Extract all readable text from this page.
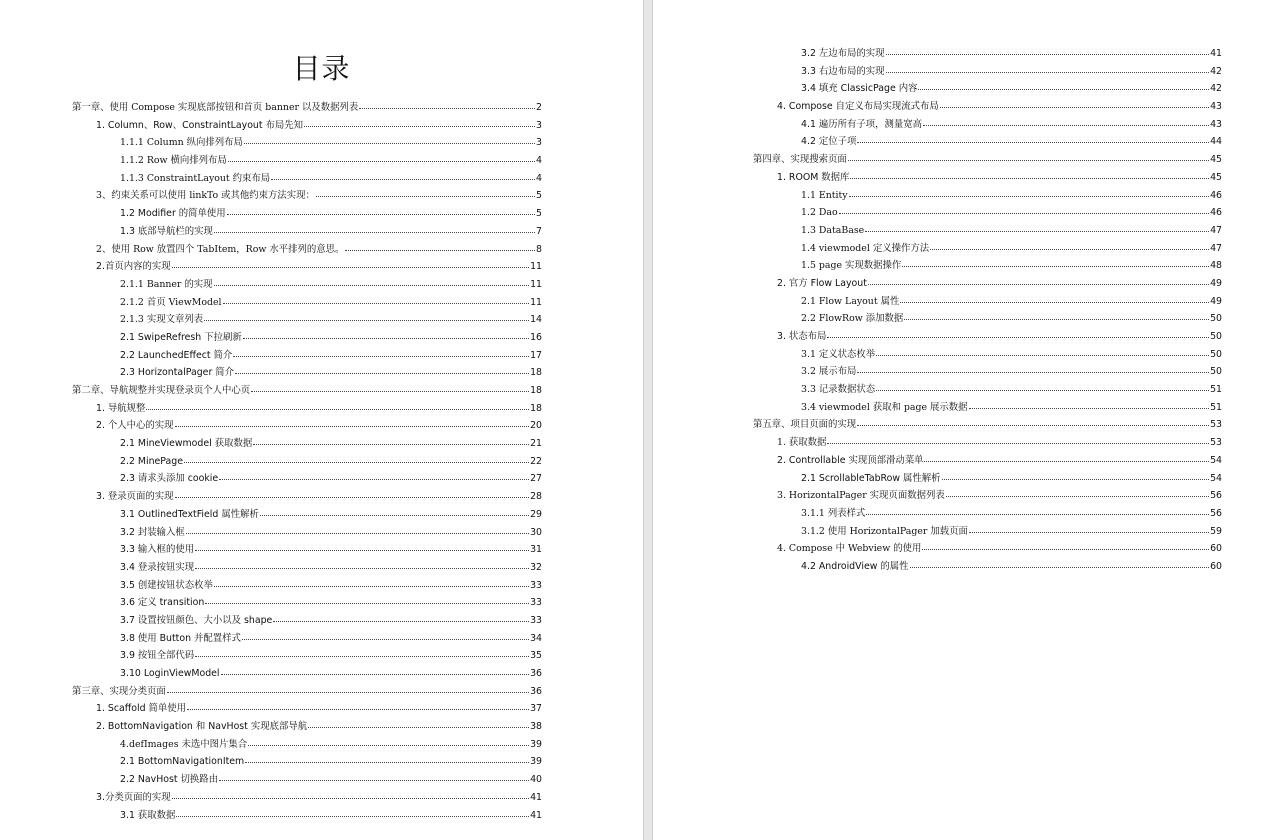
目录
第一章、使用 Compose 实现底部按钮和首页 banner 以及数据列表	2
1. Column、Row、ConstraintLayout 布局先知	3
1.1.1 Column 纵向排列布局	3
1.1.2 Row 横向排列布局	4
1.1.3 ConstraintLayout 约束布局	4
3、约束关系可以使用 linkTo 或其他约束方法实现：	5
1.2 Modifier 的简单使用	5
1.3 底部导航栏的实现	7
2、使用 Row 放置四个 TabItem，Row 水平排列的意思。	8
2.首页内容的实现	11
2.1.1 Banner 的实现	11
2.1.2 首页 ViewModel	11
2.1.3 实现文章列表	14
2.1 SwipeRefresh 下拉刷新	16
2.2 LaunchedEffect 简介	17
2.3 HorizontalPager 简介	18
第二章、导航规整并实现登录页个人中心页	18
1. 导航规整	18
2. 个人中心的实现	20
2.1 MineViewmodel 获取数据	21
2.2 MinePage	22
2.3 请求头添加 cookie	27
3. 登录页面的实现	28
3.1 OutlinedTextField 属性解析	29
3.2 封装输入框	30
3.3 输入框的使用	31
3.4 登录按钮实现	32
3.5 创建按钮状态枚举	33
3.6 定义 transition	33
3.7 设置按钮颜色、大小以及 shape	33
3.8 使用 Button 并配置样式	34
3.9 按钮全部代码	35
3.10 LoginViewModel	36
第三章、实现分类页面	36
1. Scaffold 简单使用	37
2. BottomNavigation 和 NavHost 实现底部导航	38
4.defImages 未选中图片集合	39
2.1 BottomNavigationItem	39
2.2 NavHost 切换路由	40
3.分类页面的实现	41
3.1 获取数据	41
3.2 左边布局的实现	41
3.3 右边布局的实现	42
3.4 填充 ClassicPage 内容	42
4. Compose 自定义布局实现流式布局	43
4.1 遍历所有子项，测量宽高	43
4.2 定位子项	44
第四章、实现搜索页面	45
1. ROOM 数据库	45
1.1 Entity	46
1.2 Dao	46
1.3 DataBase	47
1.4 viewmodel 定义操作方法	47
1.5 page 实现数据操作	48
2. 官方 Flow Layout	49
2.1 Flow Layout 属性	49
2.2 FlowRow 添加数据	50
3. 状态布局	50
3.1 定义状态枚举	50
3.2 展示布局	50
3.3 记录数据状态	51
3.4 viewmodel 获取和 page 展示数据	51
第五章、项目页面的实现	53
1. 获取数据	53
2. Controllable 实现顶部滑动菜单	54
2.1 ScrollableTabRow 属性解析	54
3. HorizontalPager 实现页面数据列表	56
3.1.1 列表样式	56
3.1.2 使用 HorizontalPager 加载页面	59
4. Compose 中 Webview 的使用	60
4.2 AndroidView 的属性	60
